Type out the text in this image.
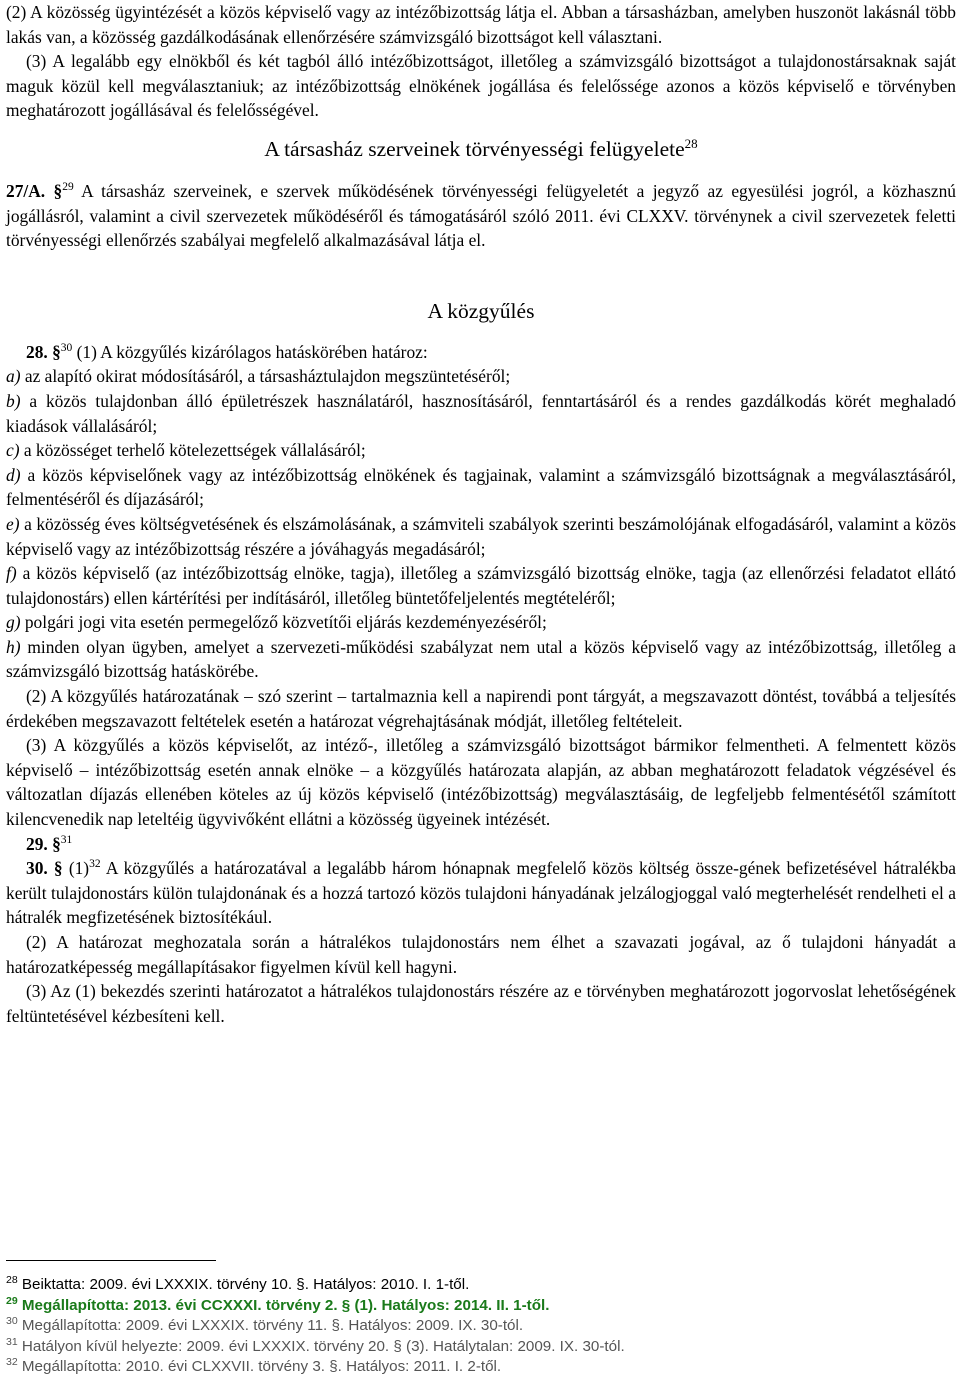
(2) A közösség ügyintézését a közös képviselő vagy az intézőbizottság látja el. Abban a társasházban, amelyben huszonöt lakásnál több lakás van, a közösség gazdálkodásának ellenőrzésére számvizsgáló bizottságot kell választani.

(3) A legalább egy elnökből és két tagból álló intézőbizottságot, illetőleg a számvizsgáló bizottságot a tulajdonostársaknak saját maguk közül kell megválasztaniuk; az intézőbizottság elnökének jogállása és felelőssége azonos a közös képviselő e törvényben meghatározott jogállásával és felelősségével.

A társasház szerveinek törvényességi felügyelete$^{28}$

27/A. §$^{29}$ A társasház szerveinek, e szervek működésének törvényességi felügyeletét a jegyző az egyesülési jogról, a közhasznú jogállásról, valamint a civil szervezetek működéséről és támogatásáról szóló 2011. évi CLXXV. törvénynek a civil szervezetek feletti törvényességi ellenőrzés szabályai megfelelő alkalmazásával látja el.

A közgyűlés

28. §$^{30}$ (1) A közgyűlés kizárólagos hatáskörében határoz:

a) az alapító okirat módosításáról, a társasháztulajdon megszüntetéséről;

b) a közös tulajdonban álló épületrészek használatáról, hasznosításáról, fenntartásáról és a rendes gazdálkodás körét meghaladó kiadások vállalásáról;

c) a közösséget terhelő kötelezettségek vállalásáról;

d) a közös képviselőnek vagy az intézőbizottság elnökének és tagjainak, valamint a számvizsgáló bizottságnak a megválasztásáról, felmentéséről és díjazásáról;

e) a közösség éves költségvetésének és elszámolásának, a számviteli szabályok szerinti beszámolójának elfogadásáról, valamint a közös képviselő vagy az intézőbizottság részére a jóváhagyás megadásáról;

f) a közös képviselő (az intézőbizottság elnöke, tagja), illetőleg a számvizsgáló bizottság elnöke, tagja (az ellenőrzési feladatot ellátó tulajdonostárs) ellen kártérítési per indításáról, illetőleg büntetőfeljelentés megtételéről;

g) polgári jogi vita esetén permegelőző közvetítői eljárás kezdeményezéséről;

h) minden olyan ügyben, amelyet a szervezeti-működési szabályzat nem utal a közös képviselő vagy az intézőbizottság, illetőleg a számvizsgáló bizottság hatáskörébe.

(2) A közgyűlés határozatának – szó szerint – tartalmaznia kell a napirendi pont tárgyát, a megszavazott döntést, továbbá a teljesítés érdekében megszavazott feltételek esetén a határozat végrehajtásának módját, illetőleg feltételeit.

(3) A közgyűlés a közös képviselőt, az intéző-, illetőleg a számvizsgáló bizottságot bármikor felmentheti. A felmentett közös képviselő – intézőbizottság esetén annak elnöke – a közgyűlés határozata alapján, az abban meghatározott feladatok végzésével és változatlan díjazás ellenében köteles az új közös képviselő (intézőbizottság) megválasztásáig, de legfeljebb felmentésétől számított kilencvenedik nap leteltéig ügyvivőként ellátni a közösség ügyeinek intézését.

29. §$^{31}$

30. § $(1)^{32}$ A közgyűlés a határozatával a legalább három hónapnak megfelelő közös költség össze-gének befizetésével hátralékba került tulajdonostárs külön tulajdonának és a hozzá tartozó közös tulajdoni hányadának jelzálogjoggal való megterhelését rendelheti el a hátralék megfizetésének biztosítékául.

(2) A határozat meghozatala során a hátralékos tulajdonostárs nem élhet a szavazati jogával, az ő tulajdoni hányadát a határozatképesség megállapításakor figyelmen kívül kell hagyni.

(3) Az (1) bekezdés szerinti határozatot a hátralékos tulajdonostárs részére az e törvényben meghatározott jogorvoslat lehetőségének feltüntetésével kézbesíteni kell.

$^{28}$ Beiktatta: 2009. évi LXXXIX. törvény 10. §. Hatályos: 2010. I. 1-től.

$^{29}$ Megállapította: 2013. évi CCXXXI. törvény 2. § (1). Hatályos: 2014. II. 1-től.

$^{30}$ Megállapította: 2009. évi LXXXIX. törvény 11. §. Hatályos: 2009. IX. 30-tól.

$^{31}$ Hatályon kívül helyezte: 2009. évi LXXXIX. törvény 20. § (3). Hatálytalan: 2009. IX. 30-tól.

$^{32}$ Megállapította: 2010. évi CLXXVII. törvény 3. §. Hatályos: 2011. I. 2-től.
